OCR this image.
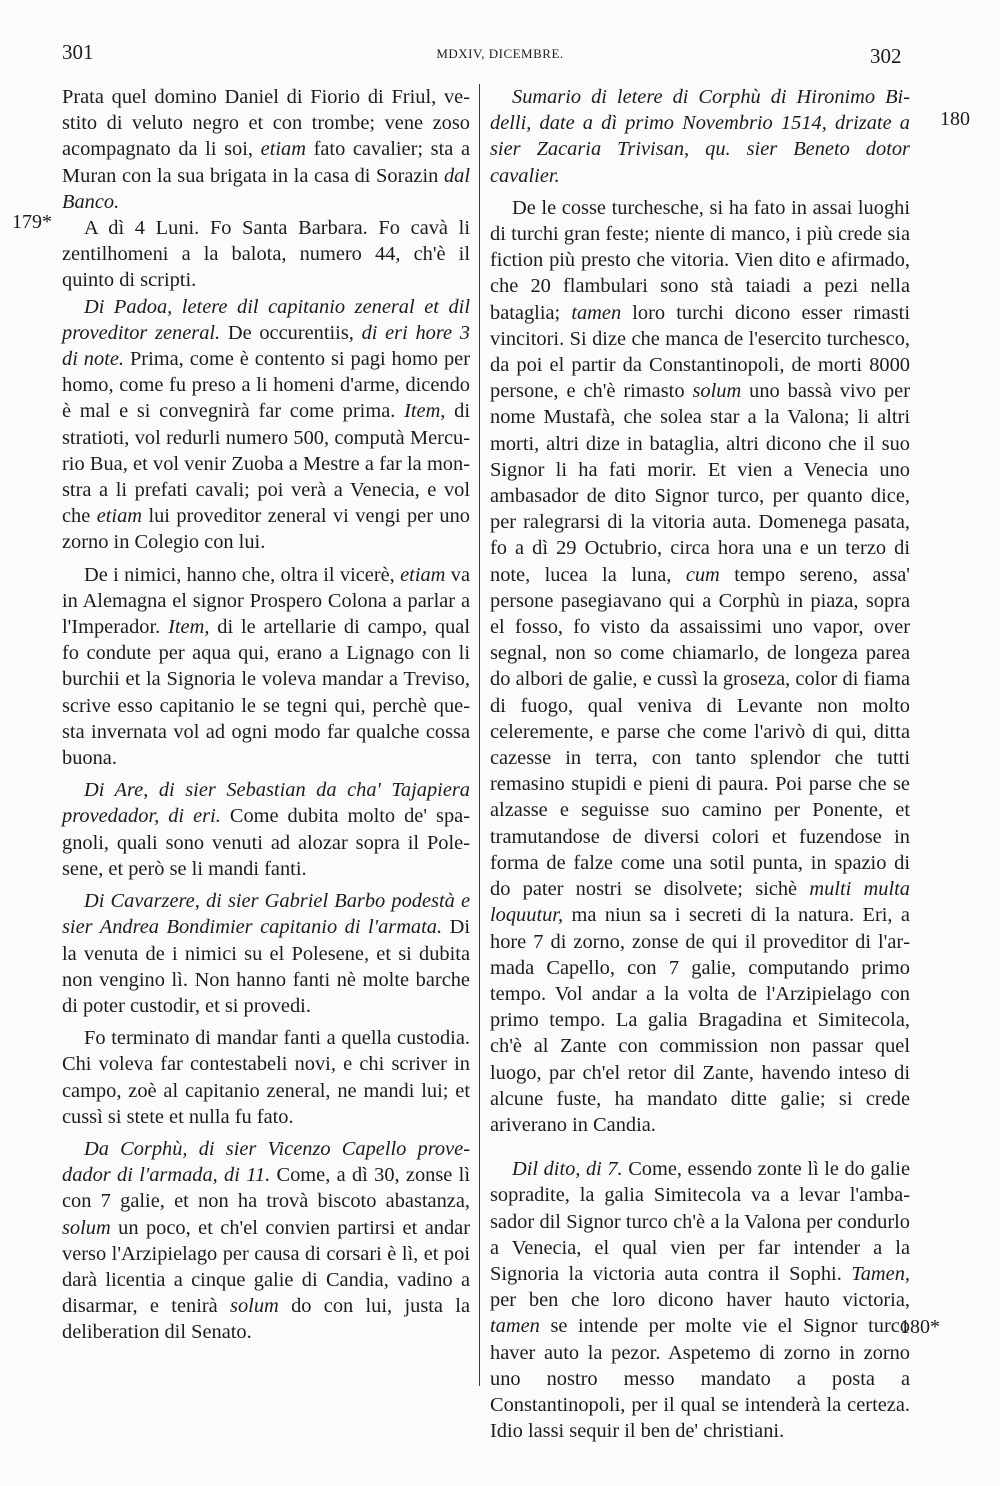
301	MDXIV, DICEMBRE.	302
179*
180
180*

Prata quel domino Daniel di Fiorio di Friul, vestito di veluto negro et con trombe; vene zoso acompagnato da li soi, etiam fato cavalier; sta a Muran con la sua brigata in la casa di Sorazin dal Banco.

A dì 4 Luni. Fo Santa Barbara. Fo cavà li zentilhomeni a la balota, numero 44, ch'è il quinto di scripti.

Di Padoa, letere dil capitanio zeneral et dil proveditor zeneral. De occurentiis, di eri hore 3 di note. Prima, come è contento si pagi homo per homo, come fu preso a li homeni d'arme, dicendo è mal e si convegnirà far come prima. Item, di stratioti, vol redurli numero 500, computà Mercurio Bua, et vol venir Zuoba a Mestre a far la monstra a li prefati cavali; poi verà a Venecia, e vol che etiam lui proveditor zeneral vi vengi per uno zorno in Colegio con lui.

De i nimici, hanno che, oltra il vicerè, etiam va in Alemagna el signor Prospero Colona a parlar a l'Imperador. Item, di le artellarie di campo, qual fo condute per aqua qui, erano a Lignago con li burchii et la Signoria le voleva mandar a Treviso, scrive esso capitanio le se tegni qui, perchè questa invernata vol ad ogni modo far qualche cossa buona.

Di Are, di sier Sebastian da cha' Tajapiera provedador, di eri. Come dubita molto de' spagnoli, quali sono venuti ad alozar sopra il Polesene, et però se li mandi fanti.

Di Cavarzere, di sier Gabriel Barbo podestà e sier Andrea Bondimier capitanio di l'armata. Di la venuta de i nimici su el Polesene, et si dubita non vengino lì. Non hanno fanti nè molte barche di poter custodir, et si provedi.

Fo terminato di mandar fanti a quella custodia. Chi voleva far contestabeli novi, e chi scriver in campo, zoè al capitanio zeneral, ne mandi lui; et cussì si stete et nulla fu fato.

Da Corphù, di sier Vicenzo Capello provedador di l'armada, di 11. Come, a dì 30, zonse lì con 7 galie, et non ha trovà biscoto abastanza, solum un poco, et ch'el convien partirsi et andar verso l'Arzipielago per causa di corsari è lì, et poi darà licentia a cinque galie di Candia, vadino a disarmar, e tenirà solum do con lui, justa la deliberation dil Senato.

Sumario di letere di Corphù di Hironimo Bidelli, date a dì primo Novembrio 1514, drizate a sier Zacaria Trivisan, qu. sier Beneto dotor cavalier.

De le cosse turchesche, si ha fato in assai luoghi di turchi gran feste; niente di manco, i più crede sia fiction più presto che vitoria. Vien dito e afirmado, che 20 flambulari sono stà taiadi a pezi nella bataglia; tamen loro turchi dicono esser rimasti vincitori. Si dize che manca de l'esercito turchesco, da poi el partir da Constantinopoli, de morti 8000 persone, e ch'è rimasto solum uno bassà vivo per nome Mustafà, che solea star a la Valona; li altri morti, altri dize in bataglia, altri dicono che il suo Signor li ha fati morir. Et vien a Venecia uno ambasador de dito Signor turco, per quanto dice, per ralegrarsi di la vitoria auta. Domenega pasata, fo a dì 29 Octubrio, circa hora una e un terzo di note, lucea la luna, cum tempo sereno, assa' persone pasegiavano qui a Corphù in piaza, sopra el fosso, fo visto da assaissimi uno vapor, over segnal, non so come chiamarlo, de longeza parea do albori de galie, e cussì la groseza, color di fiama di fuogo, qual veniva di Levante non molto celeremente, e parse che come l'arivò di qui, ditta cazesse in terra, con tanto splendor che tutti remasino stupidi e pieni di paura. Poi parse che se alzasse e seguisse suo camino per Ponente, et tramutandose de diversi colori et fuzendose in forma de falze come una sotil punta, in spazio di do pater nostri se disolvete; sichè multi multa loquutur, ma niun sa i secreti di la natura. Eri, a hore 7 di zorno, zonse de qui il proveditor di l'armada Capello, con 7 galie, computando primo tempo. Vol andar a la volta de l'Arzipielago con primo tempo. La galia Bragadina et Simitecola, ch'è al Zante con commission non passar quel luogo, par ch'el retor dil Zante, havendo inteso di alcune fuste, ha mandato ditte galie; si crede ariverano in Candia.

Dil dito, di 7. Come, essendo zonte lì le do galie sopradite, la galia Simitecola va a levar l'ambasador dil Signor turco ch'è a la Valona per condurlo a Venecia, el qual vien per far intender a la Signoria la victoria auta contra il Sophi. Tamen, per ben che loro dicono haver hauto victoria, tamen se intende per molte vie el Signor turco haver auto la pezor. Aspetemo di zorno in zorno uno nostro messo mandato a posta a Constantinopoli, per il qual se intenderà la certeza. Idio lassi sequir il ben de' christiani.
